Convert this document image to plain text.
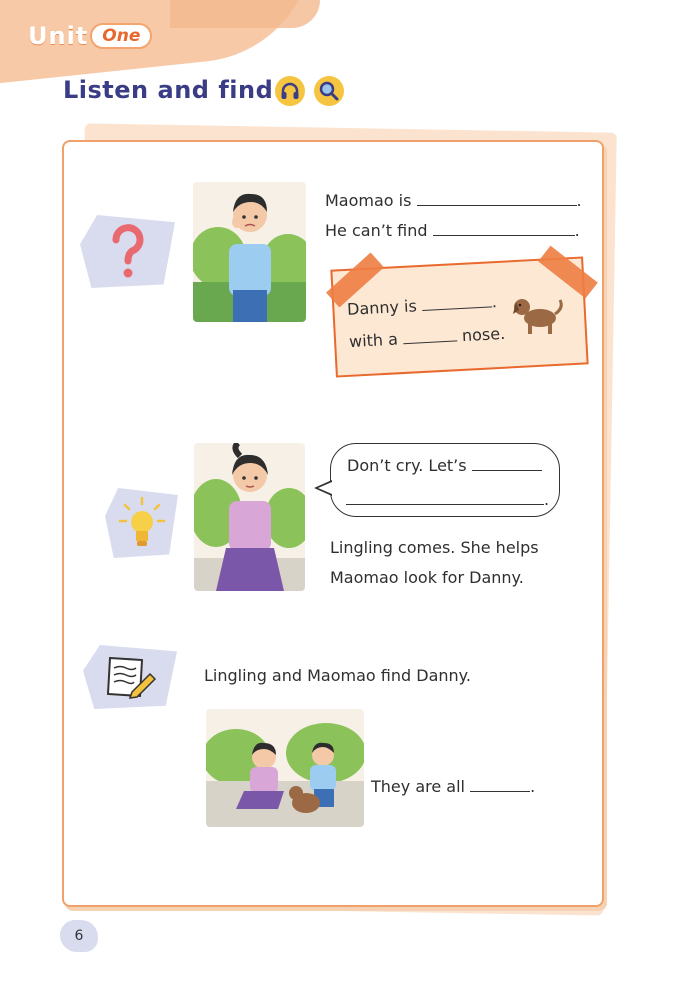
Unit One
Listen and find
Maomao is	.
He can’t find	.
Danny is	.
with a	nose.
Don’t cry. Let’s
.
Lingling comes. She helps
Maomao look for Danny.
Lingling and Maomao find Danny.
They are all	.
6
